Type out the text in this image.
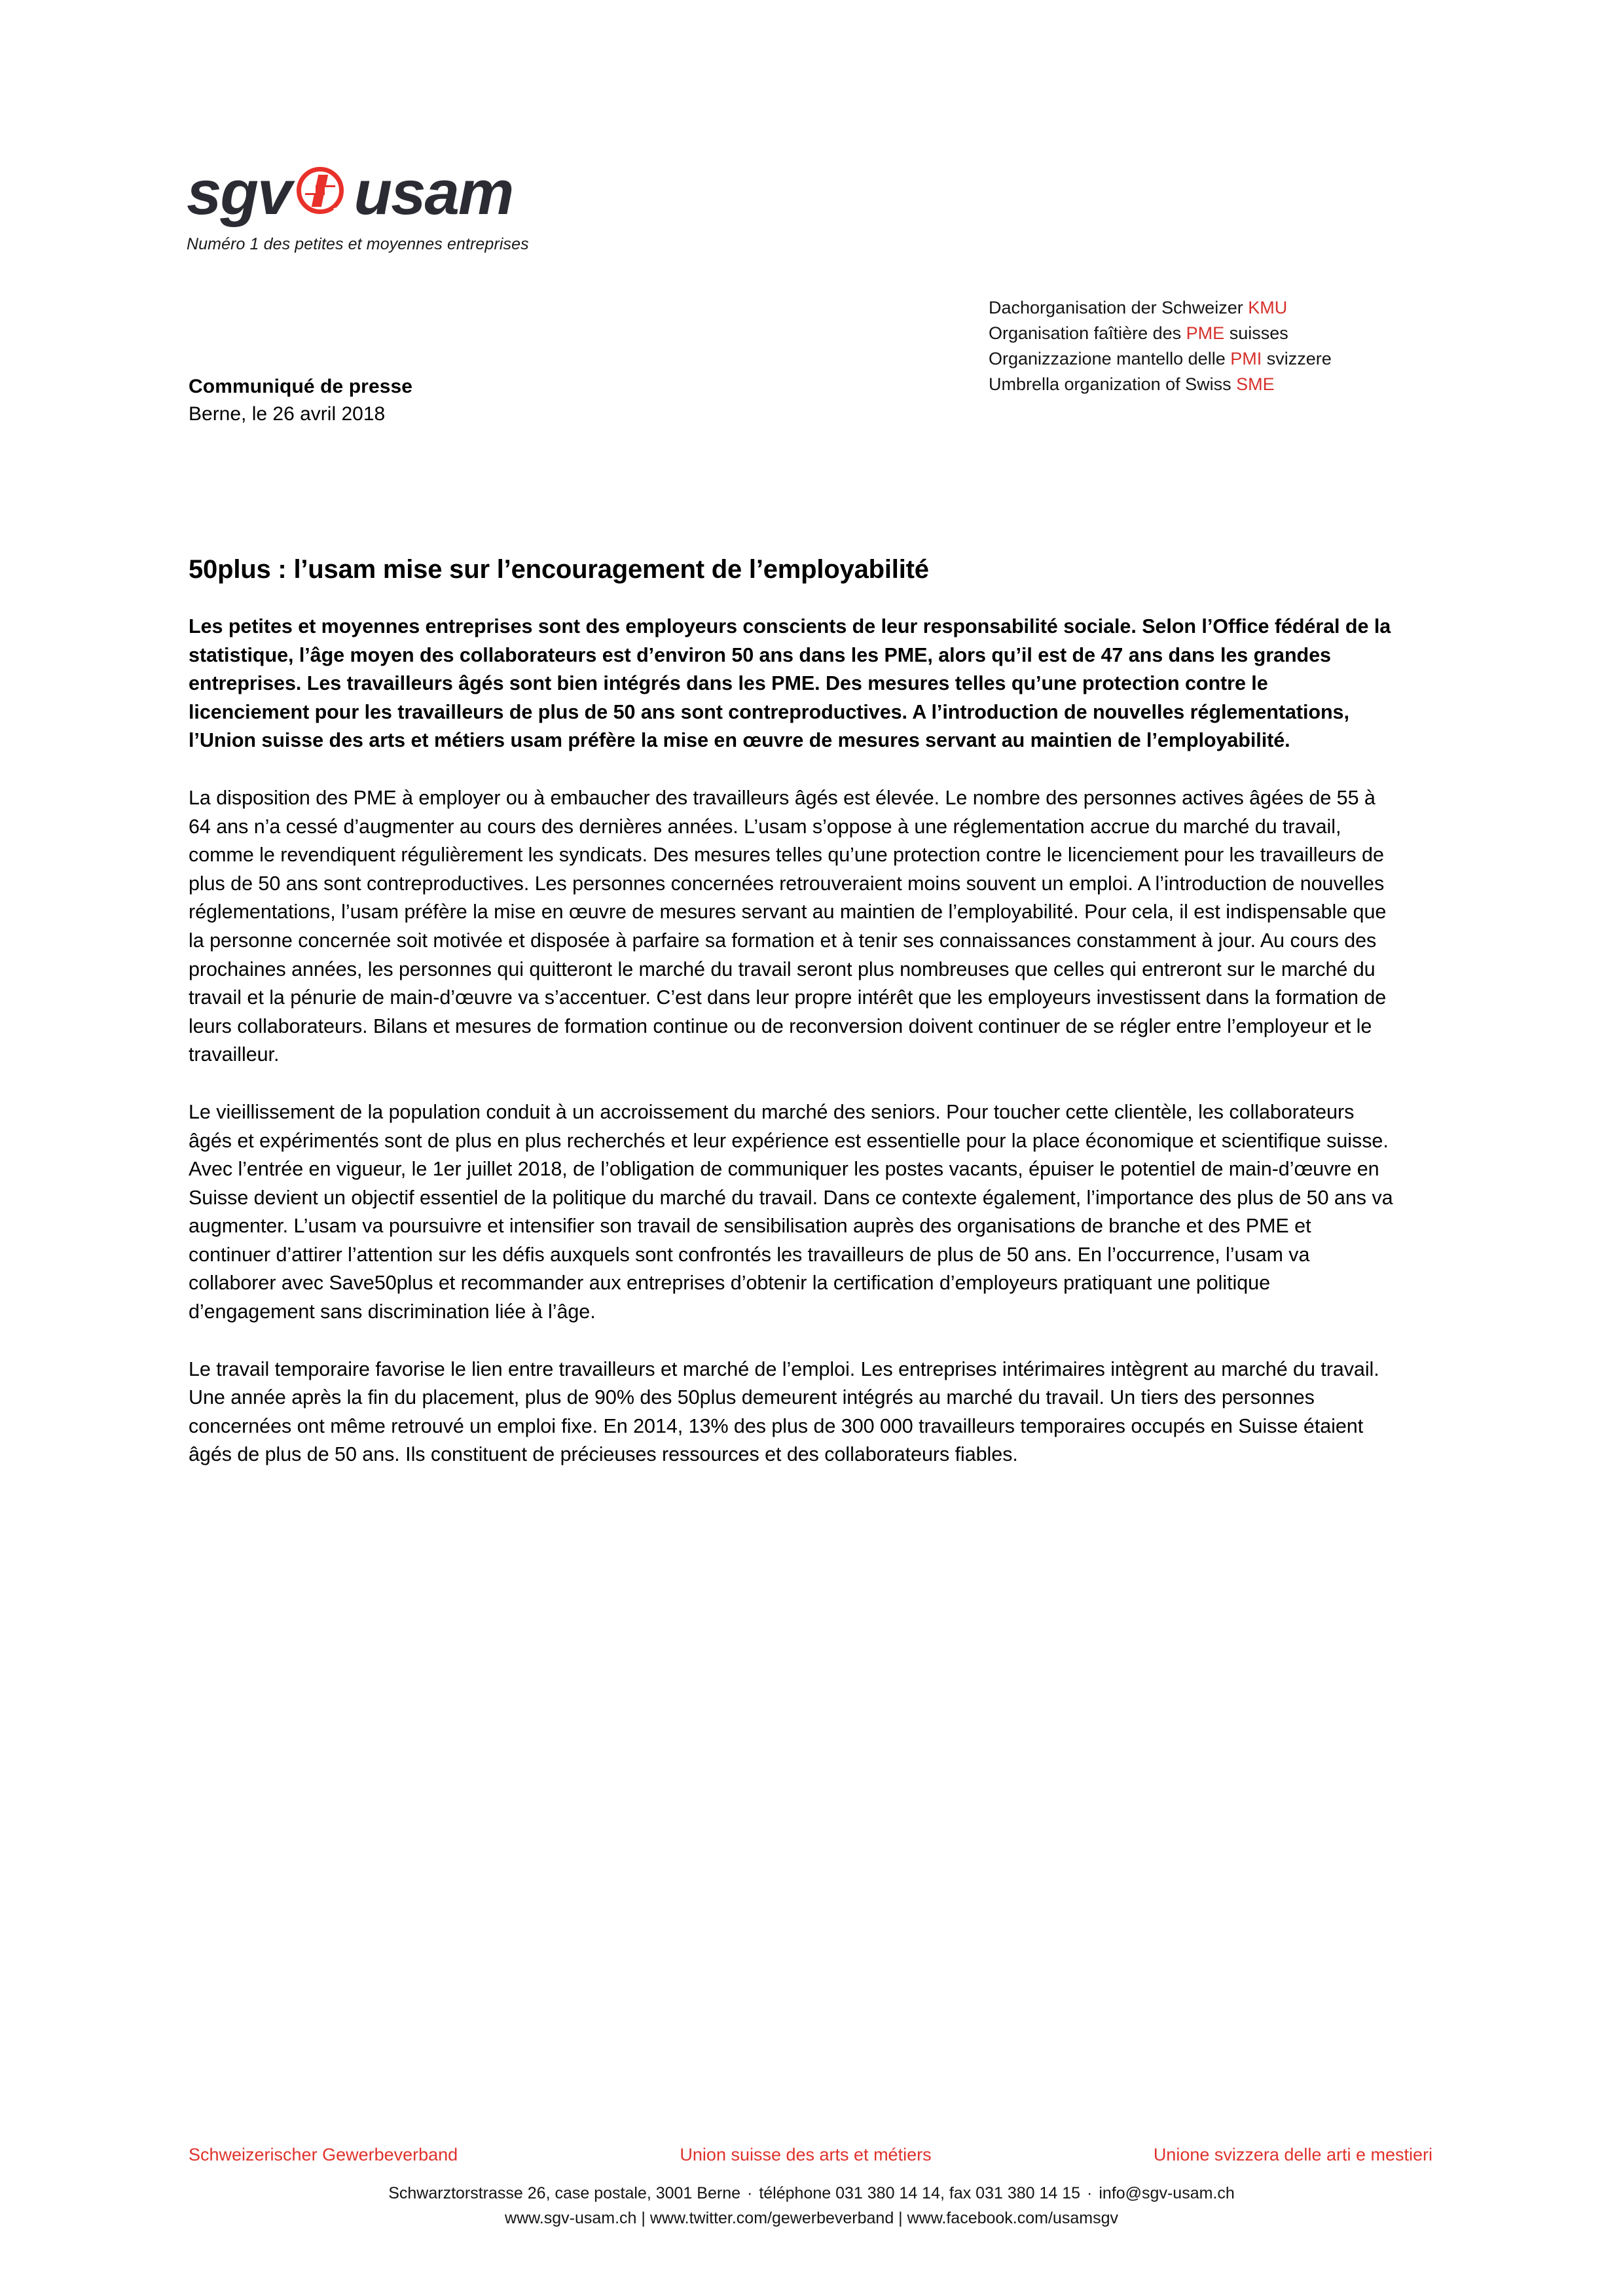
sgv usam
Numéro 1 des petites et moyennes entreprises
Dachorganisation der Schweizer KMU
Organisation faîtière des PME suisses
Organizzazione mantello delle PMI svizzere
Umbrella organization of Swiss SME
Communiqué de presse
Berne, le 26 avril 2018
50plus : l’usam mise sur l’encouragement de l’employabilité

Les petites et moyennes entreprises sont des employeurs conscients de leur responsabilité sociale. Selon l’Office fédéral de la statistique, l’âge moyen des collaborateurs est d’environ 50 ans dans les PME, alors qu’il est de 47 ans dans les grandes entreprises. Les travailleurs âgés sont bien intégrés dans les PME. Des mesures telles qu’une protection contre le licenciement pour les travailleurs de plus de 50 ans sont contreproductives. A l’introduction de nouvelles réglementations, l’Union suisse des arts et métiers usam préfère la mise en œuvre de mesures servant au maintien de l’employabilité.

La disposition des PME à employer ou à embaucher des travailleurs âgés est élevée. Le nombre des personnes actives âgées de 55 à 64 ans n’a cessé d’augmenter au cours des dernières années. L’usam s’oppose à une réglementation accrue du marché du travail, comme le revendiquent régulièrement les syndicats. Des mesures telles qu’une protection contre le licenciement pour les travailleurs de plus de 50 ans sont contreproductives. Les personnes concernées retrouveraient moins souvent un emploi. A l’introduction de nouvelles réglementations, l’usam préfère la mise en œuvre de mesures servant au maintien de l’employabilité. Pour cela, il est indispensable que la personne concernée soit motivée et disposée à parfaire sa formation et à tenir ses connaissances constamment à jour. Au cours des prochaines années, les personnes qui quitteront le marché du travail seront plus nombreuses que celles qui entreront sur le marché du travail et la pénurie de main-d’œuvre va s’accentuer. C’est dans leur propre intérêt que les employeurs investissent dans la formation de leurs collaborateurs. Bilans et mesures de formation continue ou de reconversion doivent continuer de se régler entre l’employeur et le travailleur.

Le vieillissement de la population conduit à un accroissement du marché des seniors. Pour toucher cette clientèle, les collaborateurs âgés et expérimentés sont de plus en plus recherchés et leur expérience est essentielle pour la place économique et scientifique suisse. Avec l’entrée en vigueur, le 1er juillet 2018, de l’obligation de communiquer les postes vacants, épuiser le potentiel de main-d’œuvre en Suisse devient un objectif essentiel de la politique du marché du travail. Dans ce contexte également, l’importance des plus de 50 ans va augmenter. L’usam va poursuivre et intensifier son travail de sensibilisation auprès des organisations de branche et des PME et continuer d’attirer l’attention sur les défis auxquels sont confrontés les travailleurs de plus de 50 ans. En l’occurrence, l’usam va collaborer avec Save50plus et recommander aux entreprises d’obtenir la certification d’employeurs pratiquant une politique d’engagement sans discrimination liée à l’âge.

Le travail temporaire favorise le lien entre travailleurs et marché de l’emploi. Les entreprises intérimaires intègrent au marché du travail. Une année après la fin du placement, plus de 90% des 50plus demeurent intégrés au marché du travail. Un tiers des personnes concernées ont même retrouvé un emploi fixe. En 2014, 13% des plus de 300 000 travailleurs temporaires occupés en Suisse étaient âgés de plus de 50 ans. Ils constituent de précieuses ressources et des collaborateurs fiables.

Schweizerischer Gewerbeverband	Union suisse des arts et métiers	Unione svizzera delle arti e mestieri
Schwarztorstrasse 26, case postale, 3001 Berne · téléphone 031 380 14 14, fax 031 380 14 15 · info@sgv-usam.ch
www.sgv-usam.ch | www.twitter.com/gewerbeverband | www.facebook.com/usamsgv
